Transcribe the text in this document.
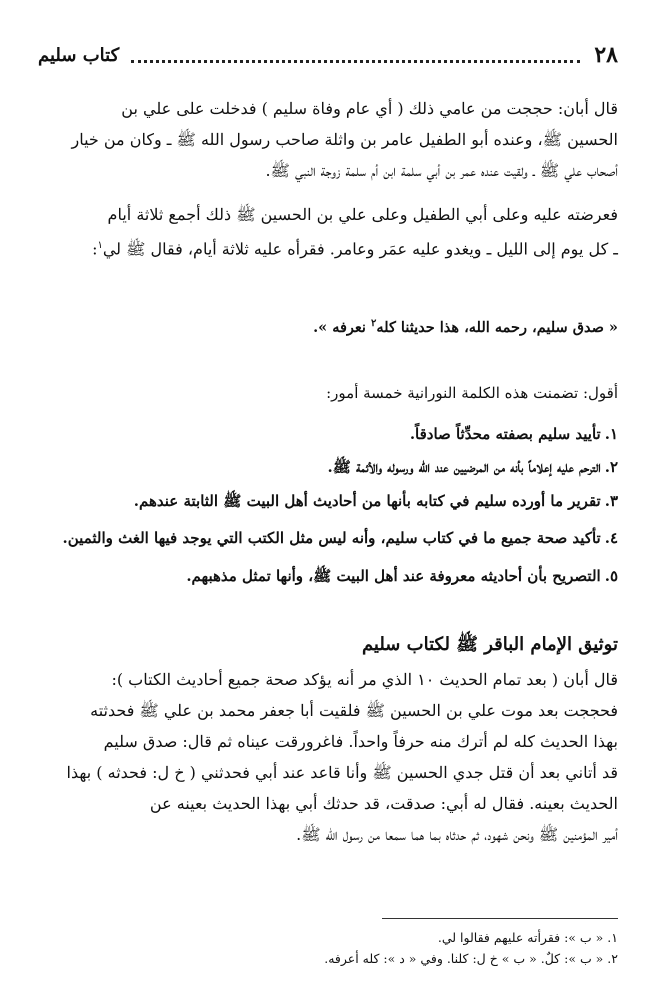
٢٨
كتاب سليم
قال أبان: حججت من عامي ذلك ( أي عام وفاة سليم ) فدخلت على علي بن
الحسين ﷺ، وعنده أبو الطفيل عامر بن واثلة صاحب رسول الله ﷺ ـ وكان من خيار
أصحاب علي ﷺ ـ ولقيت عنده عمر بن أبي سلمة ابن أم سلمة زوجة النبي ﷺ.
فعرضته عليه وعلى أبي الطفيل وعلى علي بن الحسين ﷺ ذلك أجمع ثلاثة أيام
ـ كل يوم إلى الليل ـ ويغدو عليه عمَر وعامر. فقرأه عليه ثلاثة أيام، فقال ﷺ لي$^١$:
« صدق سليم، رحمه الله، هذا حديثنا كله$^٢$ نعرفه ».
أقول: تضمنت هذه الكلمة النورانية خمسة أمور:
١.تأييد سليم بصفته محدِّثاً صادقاً.
٢.الترحم عليه إعلاماً بأنه من المرضيين عند الله ورسوله والأئمة ﷺ.
٣.تقرير ما أورده سليم في كتابه بأنها من أحاديث أهل البيت ﷺ الثابتة عندهم.
٤.تأكيد صحة جميع ما في كتاب سليم، وأنه ليس مثل الكتب التي يوجد فيها الغث والثمين.
٥.التصريح بأن أحاديثه معروفة عند أهل البيت ﷺ، وأنها تمثل مذهبهم.
توثيق الإمام الباقر ﷺ لكتاب سليم
قال أبان ( بعد تمام الحديث ١٠ الذي مر أنه يؤكد صحة جميع أحاديث الكتاب ):
فحججت بعد موت علي بن الحسين ﷺ فلقيت أبا جعفر محمد بن علي ﷺ فحدثته
بهذا الحديث كله لم أترك منه حرفاً واحداً. فاغرورقت عيناه ثم قال: صدق سليم
قد أتاني بعد أن قتل جدي الحسين ﷺ وأنا قاعد عند أبي فحدثني ( خ ل: فحدثه ) بهذا
الحديث بعينه. فقال له أبي: صدقت، قد حدثك أبي بهذا الحديث بعينه عن
أمير المؤمنين ﷺ ونحن شهود، ثم حدثاه بما هما سمعا من رسول الله ﷺ.
١. « ب »: فقرأته عليهم فقالوا لي.
٢. « ب »: كلٌ. « ب » خ ل: كلنا. وفي « د »: كله أعرفه.
